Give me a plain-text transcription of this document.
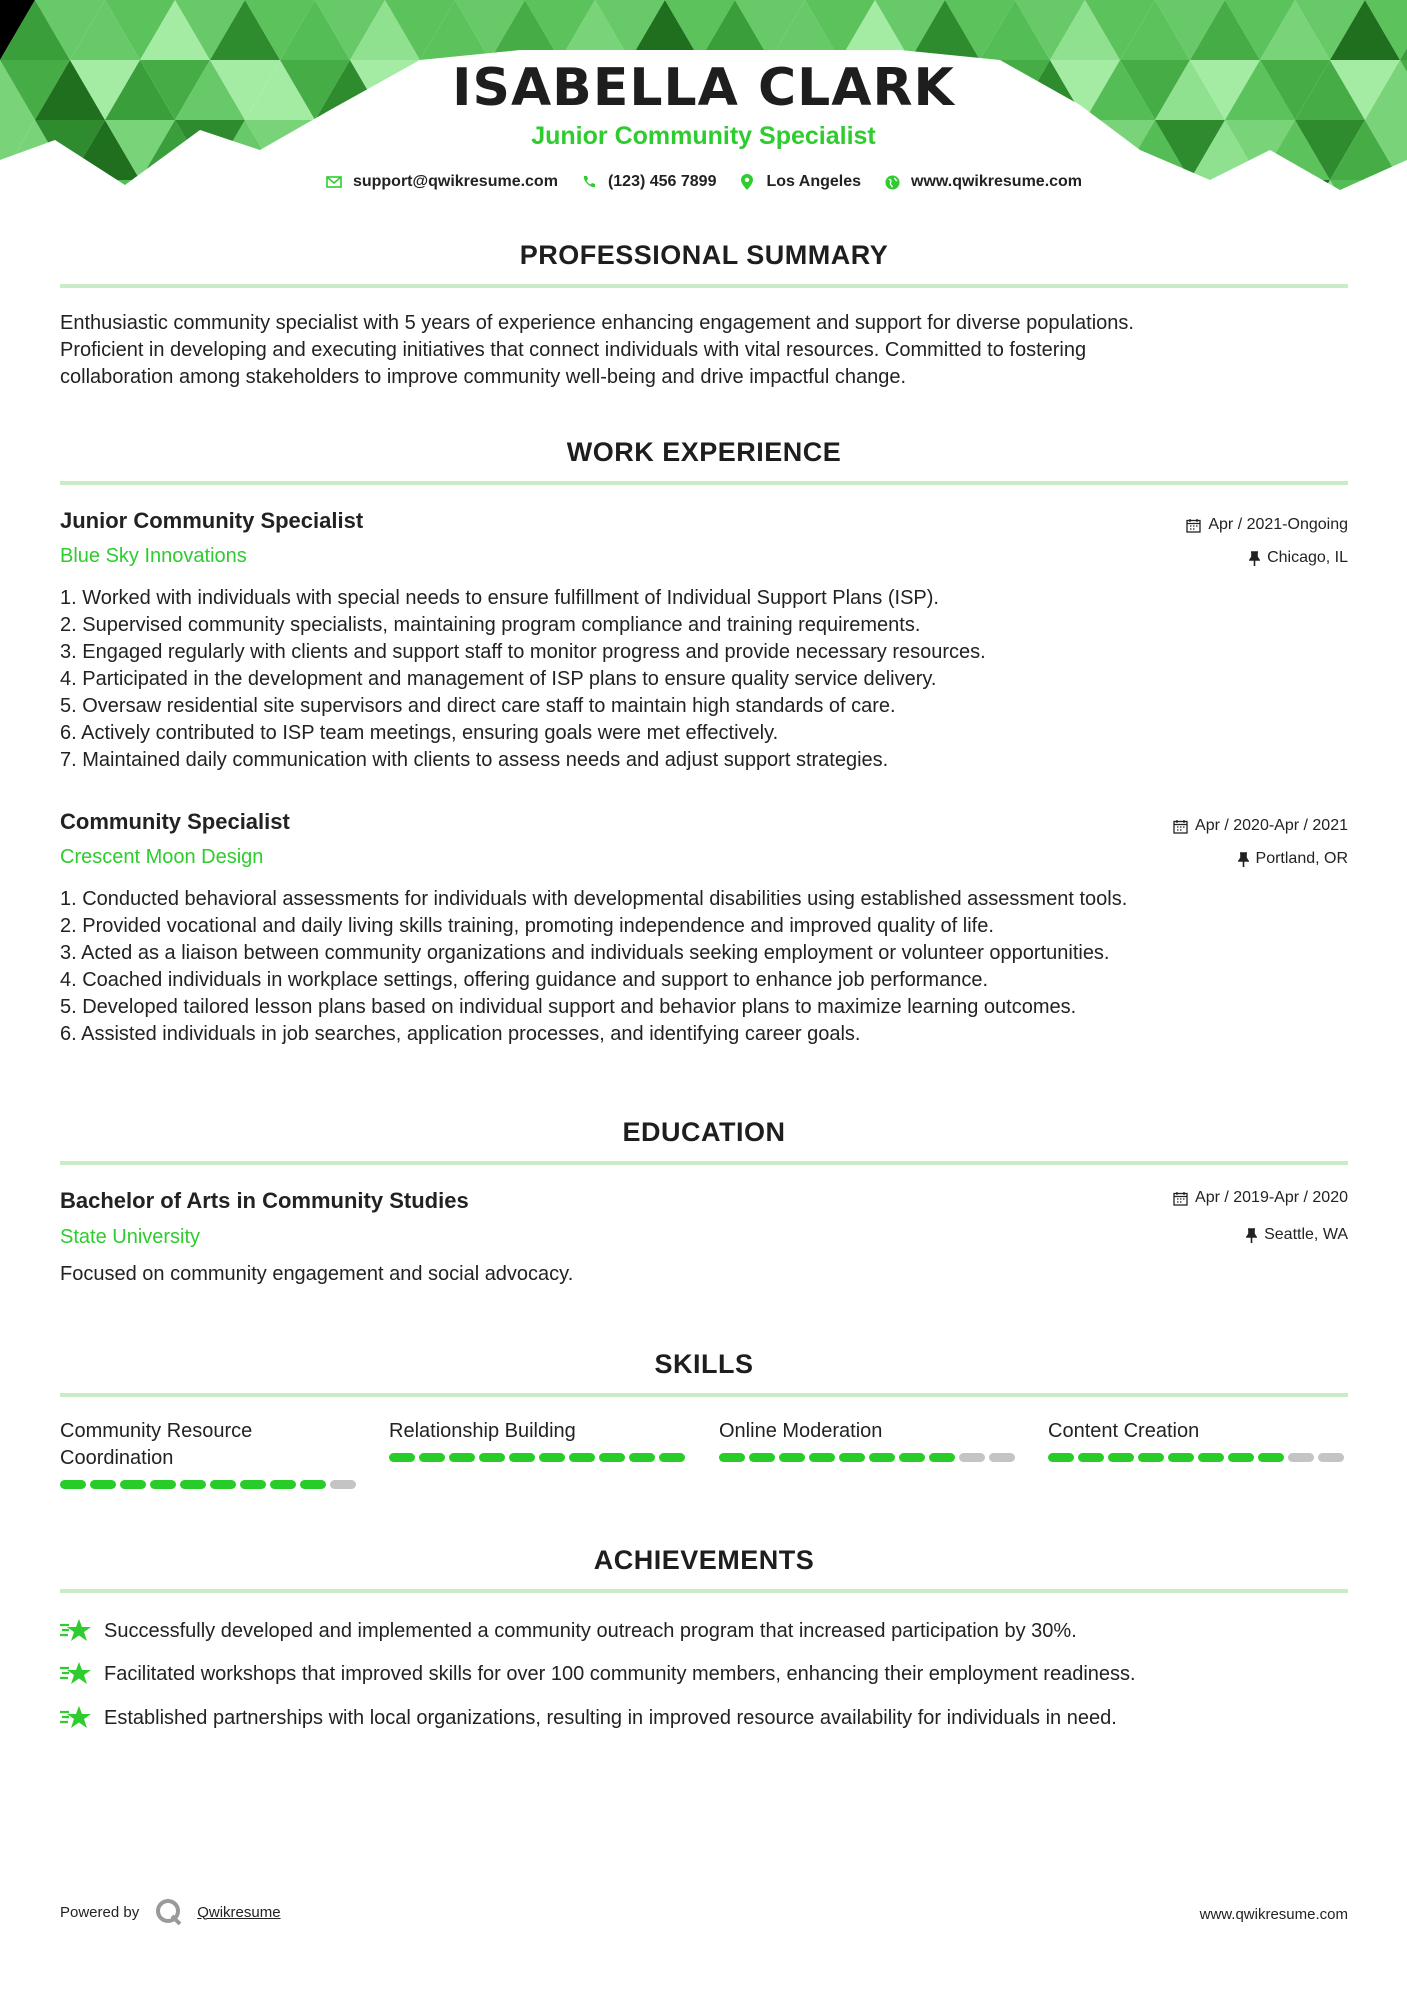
ISABELLA CLARK
Junior Community Specialist
support@qwikresume.com	(123) 456 7899	Los Angeles	www.qwikresume.com
PROFESSIONAL SUMMARY
Enthusiastic community specialist with 5 years of experience enhancing engagement and support for diverse populations.
Proficient in developing and executing initiatives that connect individuals with vital resources. Committed to fostering
collaboration among stakeholders to improve community well-being and drive impactful change.
WORK EXPERIENCE
Junior Community Specialist	Apr / 2021-Ongoing
Blue Sky Innovations	Chicago, IL
1. Worked with individuals with special needs to ensure fulfillment of Individual Support Plans (ISP).
2. Supervised community specialists, maintaining program compliance and training requirements.
3. Engaged regularly with clients and support staff to monitor progress and provide necessary resources.
4. Participated in the development and management of ISP plans to ensure quality service delivery.
5. Oversaw residential site supervisors and direct care staff to maintain high standards of care.
6. Actively contributed to ISP team meetings, ensuring goals were met effectively.
7. Maintained daily communication with clients to assess needs and adjust support strategies.
Community Specialist	Apr / 2020-Apr / 2021
Crescent Moon Design	Portland, OR
1. Conducted behavioral assessments for individuals with developmental disabilities using established assessment tools.
2. Provided vocational and daily living skills training, promoting independence and improved quality of life.
3. Acted as a liaison between community organizations and individuals seeking employment or volunteer opportunities.
4. Coached individuals in workplace settings, offering guidance and support to enhance job performance.
5. Developed tailored lesson plans based on individual support and behavior plans to maximize learning outcomes.
6. Assisted individuals in job searches, application processes, and identifying career goals.
EDUCATION
Bachelor of Arts in Community Studies	Apr / 2019-Apr / 2020
State University	Seattle, WA
Focused on community engagement and social advocacy.
SKILLS
Community Resource Coordination
Relationship Building	Online Moderation	Content Creation
ACHIEVEMENTS
Successfully developed and implemented a community outreach program that increased participation by 30%.
Facilitated workshops that improved skills for over 100 community members, enhancing their employment readiness.
Established partnerships with local organizations, resulting in improved resource availability for individuals in need.
Powered by	Qwikresume	www.qwikresume.com
